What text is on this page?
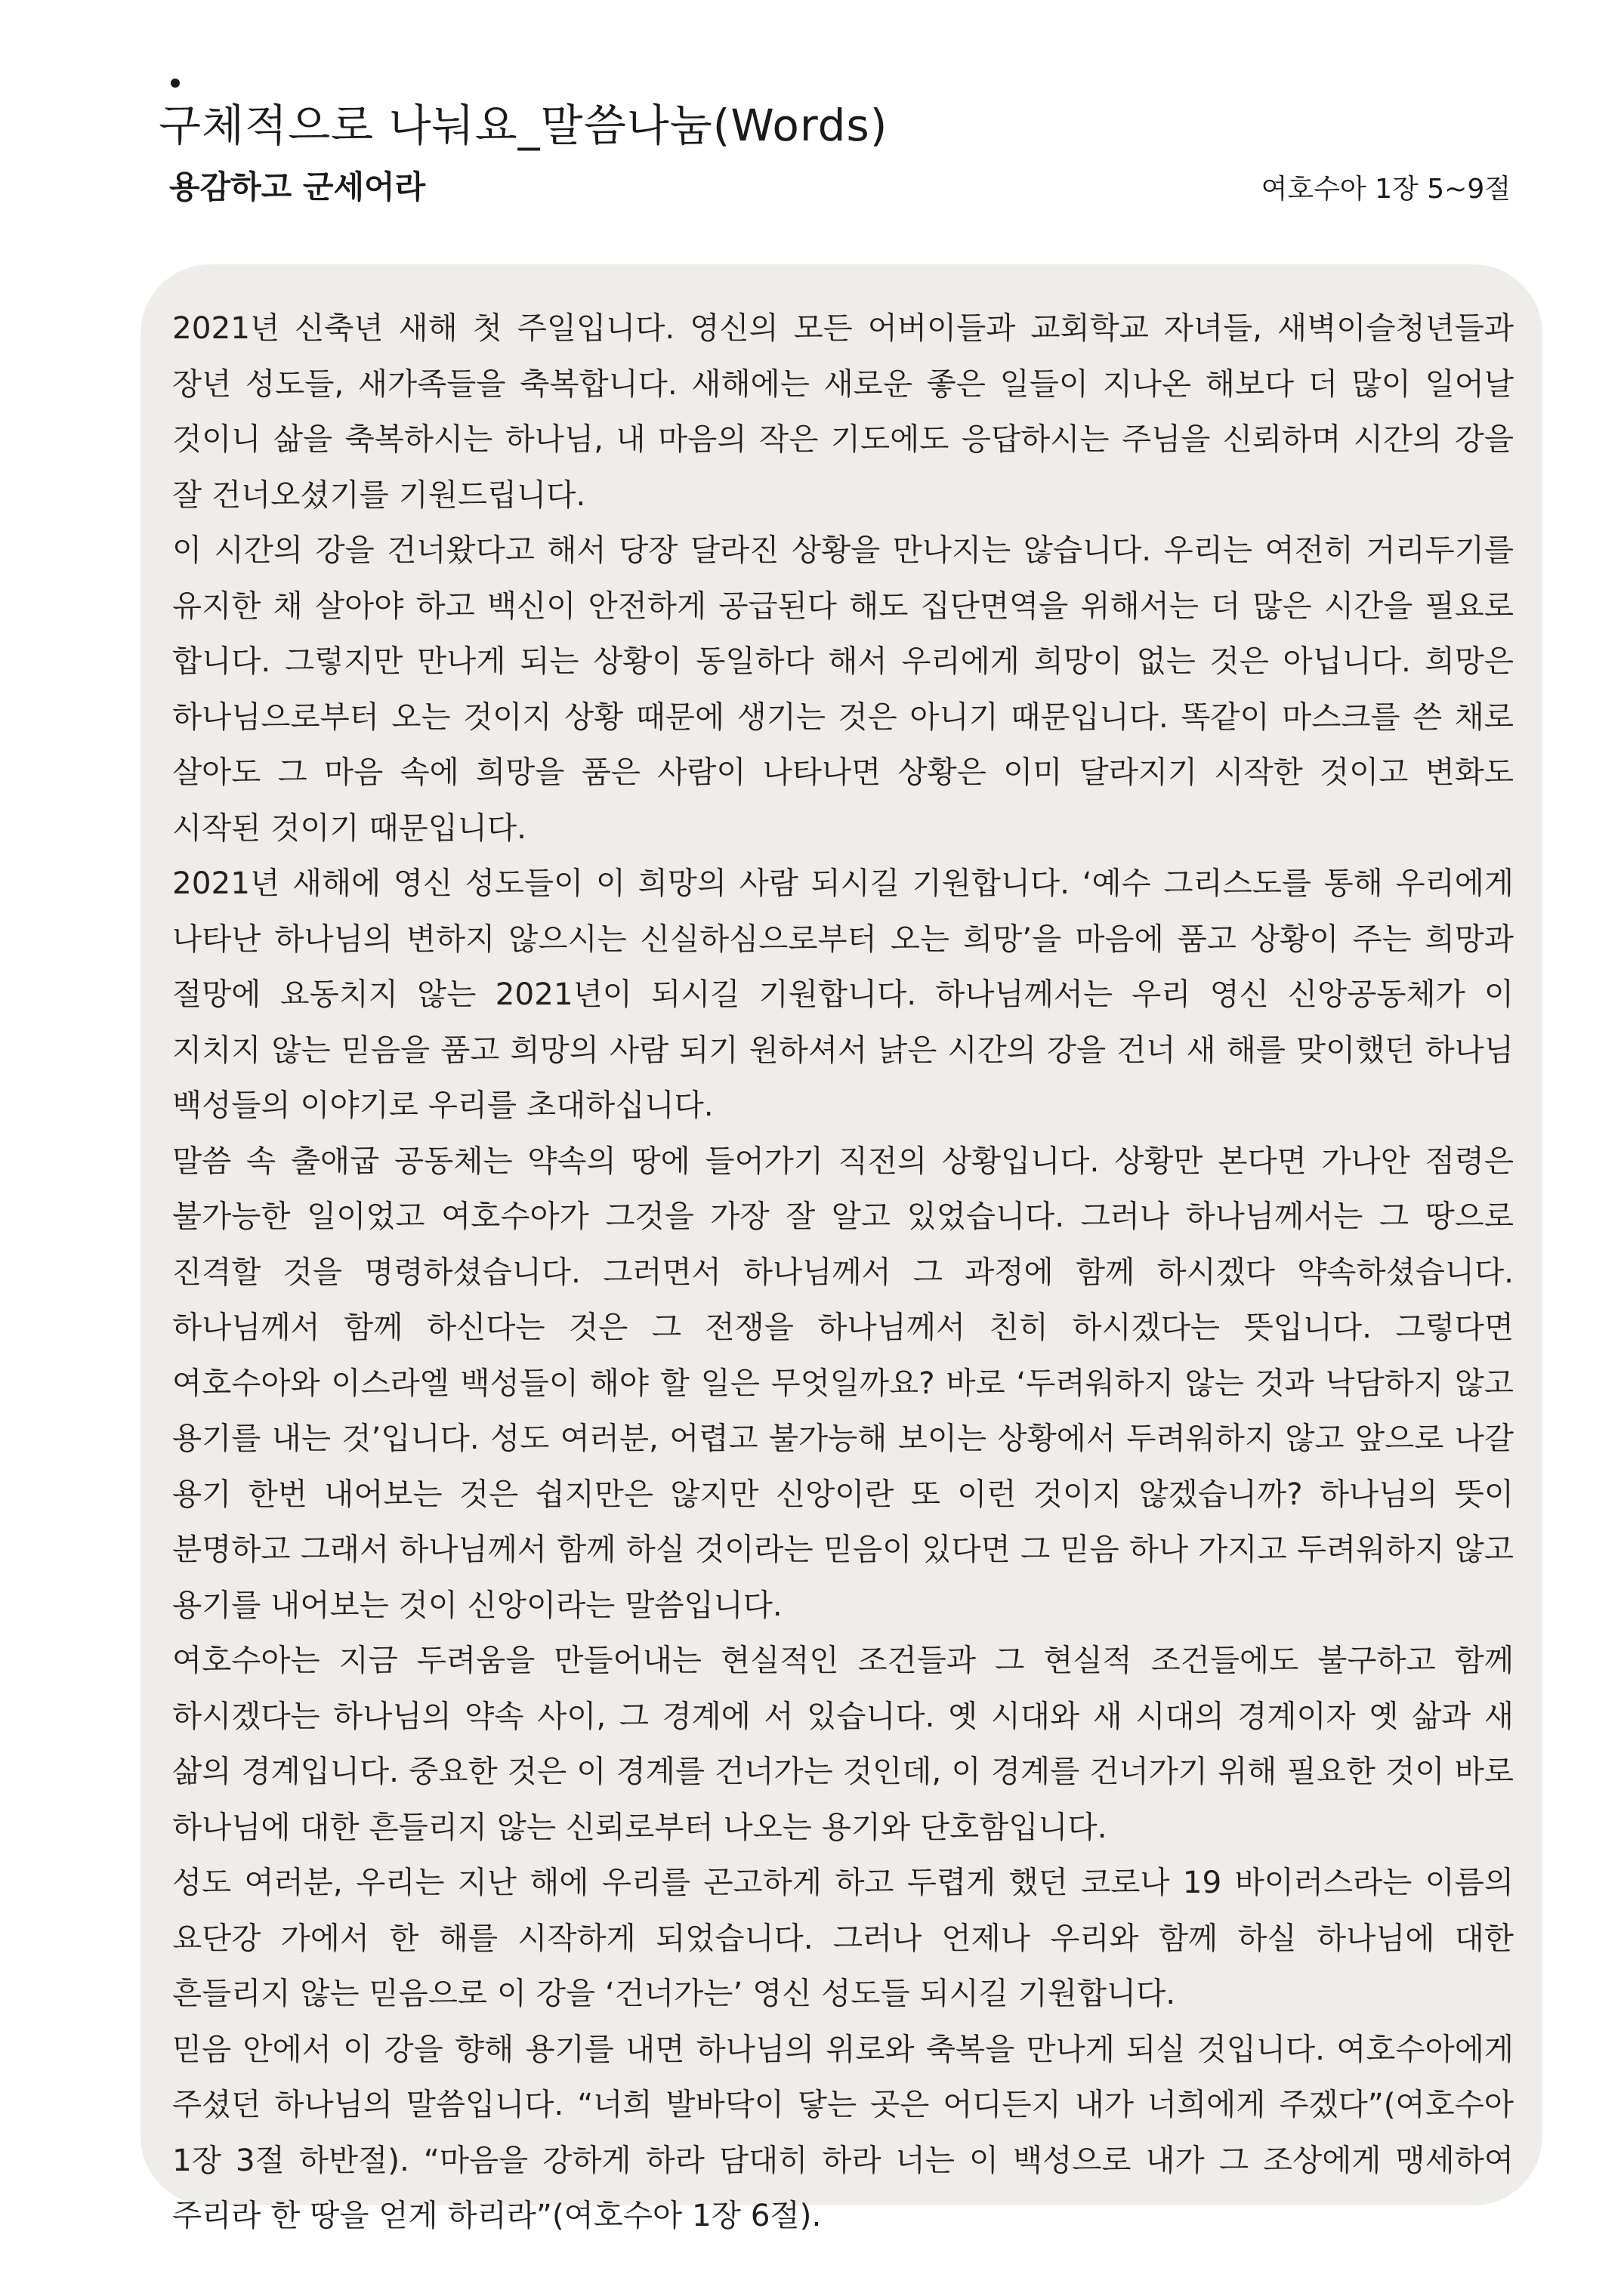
구체적으로 나눠요_말씀나눔(Words)
용감하고 군세어라	여호수아 1장 5~9절

2021년 신축년 새해 첫 주일입니다. 영신의 모든 어버이들과 교회학교 자녀들, 새벽이슬청년들과 장년 성도들, 새가족들을 축복합니다. 새해에는 새로운 좋은 일들이 지나온 해보다 더 많이 일어날 것이니 삶을 축복하시는 하나님, 내 마음의 작은 기도에도 응답하시는 주님을 신뢰하며 시간의 강을 잘 건너오셨기를 기원드립니다.

이 시간의 강을 건너왔다고 해서 당장 달라진 상황을 만나지는 않습니다. 우리는 여전히 거리두기를 유지한 채 살아야 하고 백신이 안전하게 공급된다 해도 집단면역을 위해서는 더 많은 시간을 필요로 합니다. 그렇지만 만나게 되는 상황이 동일하다 해서 우리에게 희망이 없는 것은 아닙니다. 희망은 하나님으로부터 오는 것이지 상황 때문에 생기는 것은 아니기 때문입니다. 똑같이 마스크를 쓴 채로 살아도 그 마음 속에 희망을 품은 사람이 나타나면 상황은 이미 달라지기 시작한 것이고 변화도 시작된 것이기 때문입니다.

2021년 새해에 영신 성도들이 이 희망의 사람 되시길 기원합니다. ‘예수 그리스도를 통해 우리에게 나타난 하나님의 변하지 않으시는 신실하심으로부터 오는 희망’을 마음에 품고 상황이 주는 희망과 절망에 요동치지 않는 2021년이 되시길 기원합니다. 하나님께서는 우리 영신 신앙공동체가 이 지치지 않는 믿음을 품고 희망의 사람 되기 원하셔서 낡은 시간의 강을 건너 새 해를 맞이했던 하나님 백성들의 이야기로 우리를 초대하십니다.

말씀 속 출애굽 공동체는 약속의 땅에 들어가기 직전의 상황입니다. 상황만 본다면 가나안 점령은 불가능한 일이었고 여호수아가 그것을 가장 잘 알고 있었습니다. 그러나 하나님께서는 그 땅으로 진격할 것을 명령하셨습니다. 그러면서 하나님께서 그 과정에 함께 하시겠다 약속하셨습니다. 하나님께서 함께 하신다는 것은 그 전쟁을 하나님께서 친히 하시겠다는 뜻입니다. 그렇다면 여호수아와 이스라엘 백성들이 해야 할 일은 무엇일까요? 바로 ‘두려워하지 않는 것과 낙담하지 않고 용기를 내는 것’입니다. 성도 여러분, 어렵고 불가능해 보이는 상황에서 두려워하지 않고 앞으로 나갈 용기 한번 내어보는 것은 쉽지만은 않지만 신앙이란 또 이런 것이지 않겠습니까? 하나님의 뜻이 분명하고 그래서 하나님께서 함께 하실 것이라는 믿음이 있다면 그 믿음 하나 가지고 두려워하지 않고 용기를 내어보는 것이 신앙이라는 말씀입니다.

여호수아는 지금 두려움을 만들어내는 현실적인 조건들과 그 현실적 조건들에도 불구하고 함께 하시겠다는 하나님의 약속 사이, 그 경계에 서 있습니다. 옛 시대와 새 시대의 경계이자 옛 삶과 새 삶의 경계입니다. 중요한 것은 이 경계를 건너가는 것인데, 이 경계를 건너가기 위해 필요한 것이 바로 하나님에 대한 흔들리지 않는 신뢰로부터 나오는 용기와 단호함입니다.

성도 여러분, 우리는 지난 해에 우리를 곤고하게 하고 두렵게 했던 코로나 19 바이러스라는 이름의 요단강 가에서 한 해를 시작하게 되었습니다. 그러나 언제나 우리와 함께 하실 하나님에 대한 흔들리지 않는 믿음으로 이 강을 ‘건너가는’ 영신 성도들 되시길 기원합니다.

믿음 안에서 이 강을 향해 용기를 내면 하나님의 위로와 축복을 만나게 되실 것입니다. 여호수아에게 주셨던 하나님의 말씀입니다. “너희 발바닥이 닿는 곳은 어디든지 내가 너희에게 주겠다”(여호수아 1장 3절 하반절). “마음을 강하게 하라 담대히 하라 너는 이 백성으로 내가 그 조상에게 맹세하여 주리라 한 땅을 얻게 하리라”(여호수아 1장 6절).
